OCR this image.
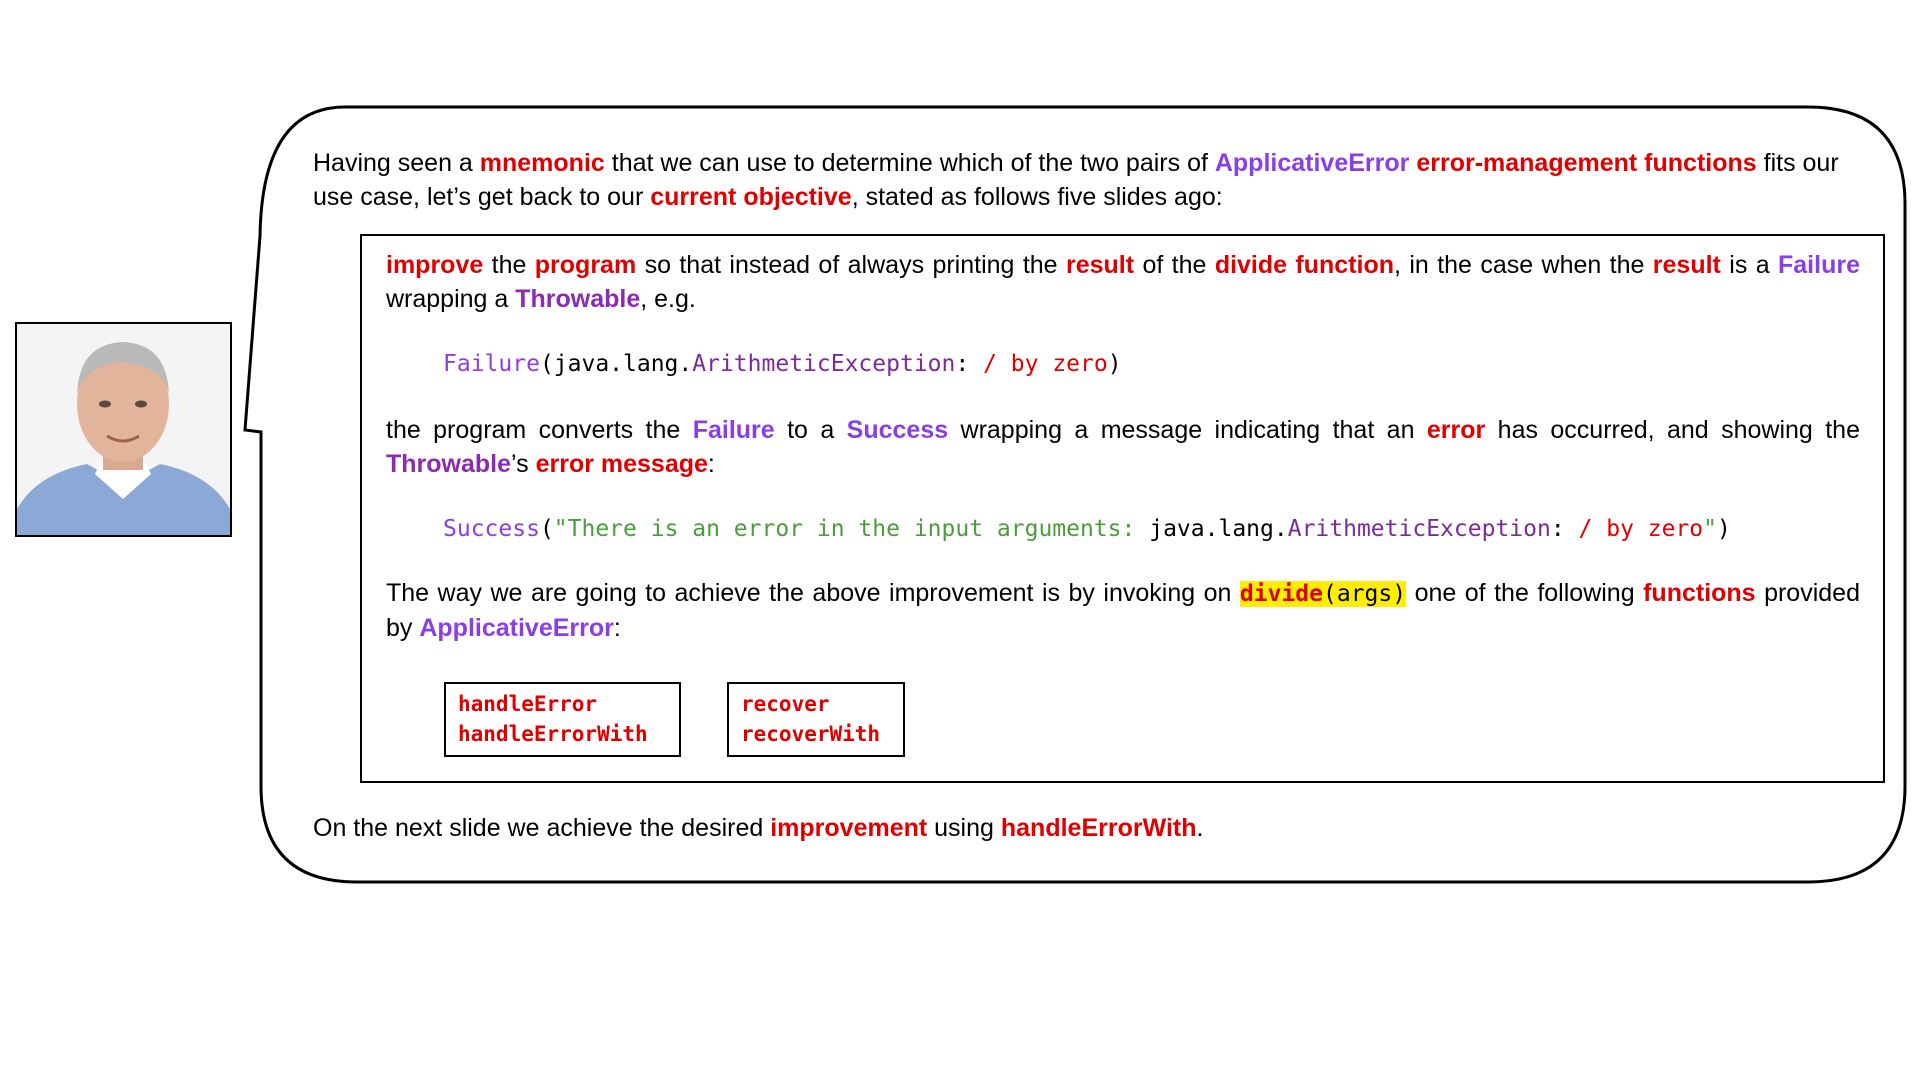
Having seen a mnemonic that we can use to determine which of the two pairs of ApplicativeError error-management functions fits our use case, let’s get back to our current objective, stated as follows five slides ago:
improve the program so that instead of always printing the result of the divide function, in the case when the result is a Failure wrapping a Throwable, e.g.
Failure(java.lang.ArithmeticException: / by zero)
the program converts the Failure to a Success wrapping a message indicating that an error has occurred, and showing the Throwable’s error message:
Success("There is an error in the input arguments: java.lang.ArithmeticException: / by zero")
The way we are going to achieve the above improvement is by invoking on divide(args) one of the following functions provided by ApplicativeError:
handleError
handleErrorWith
recover
recoverWith
On the next slide we achieve the desired improvement using handleErrorWith.
